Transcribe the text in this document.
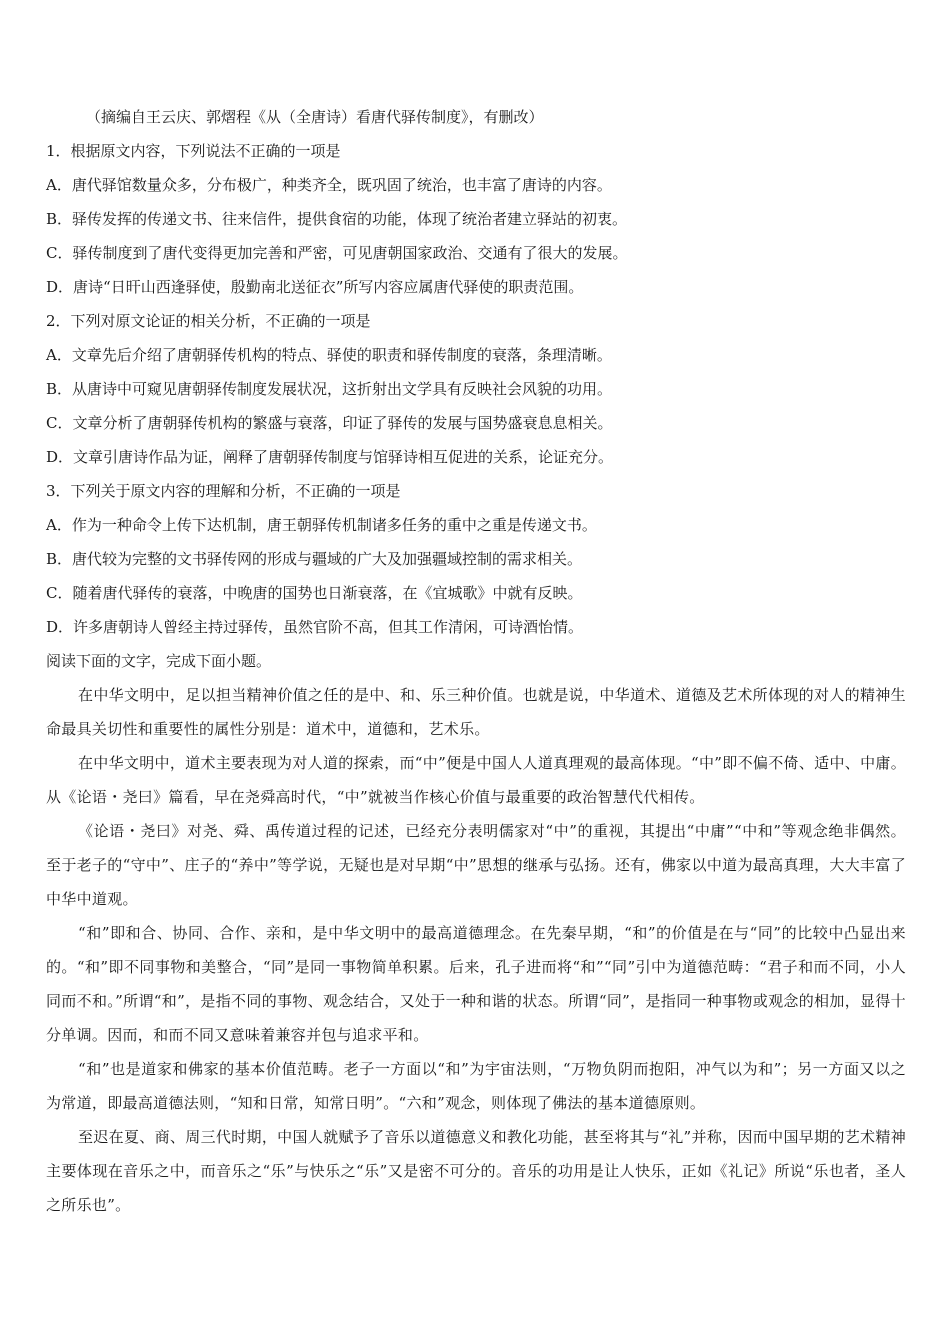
（摘编自王云庆、郭熠程《从（全唐诗）看唐代驿传制度》，有删改）
1．根据原文内容，下列说法不正确的一项是
A．唐代驿馆数量众多，分布极广，种类齐全，既巩固了统治，也丰富了唐诗的内容。
B．驿传发挥的传递文书、往来信件，提供食宿的功能，体现了统治者建立驿站的初衷。
C．驿传制度到了唐代变得更加完善和严密，可见唐朝国家政治、交通有了很大的发展。
D．唐诗“日旰山西逢驿使，殷勤南北送征衣”所写内容应属唐代驿使的职责范围。
2．下列对原文论证的相关分析，不正确的一项是
A．文章先后介绍了唐朝驿传机构的特点、驿使的职责和驿传制度的衰落，条理清晰。
B．从唐诗中可窥见唐朝驿传制度发展状况，这折射出文学具有反映社会风貌的功用。
C．文章分析了唐朝驿传机构的繁盛与衰落，印证了驿传的发展与国势盛衰息息相关。
D．文章引唐诗作品为证，阐释了唐朝驿传制度与馆驿诗相互促进的关系，论证充分。
3．下列关于原文内容的理解和分析，不正确的一项是
A．作为一种命令上传下达机制，唐王朝驿传机制诸多任务的重中之重是传递文书。
B．唐代较为完整的文书驿传网的形成与疆域的广大及加强疆域控制的需求相关。
C．随着唐代驿传的衰落，中晚唐的国势也日渐衰落，在《宜城歌》中就有反映。
D．许多唐朝诗人曾经主持过驿传，虽然官阶不高，但其工作清闲，可诗酒怡情。
阅读下面的文字，完成下面小题。
在中华文明中，足以担当精神价值之任的是中、和、乐三种价值。也就是说，中华道术、道德及艺术所体现的对人的精神生命最具关切性和重要性的属性分别是：道术中，道德和，艺术乐。
在中华文明中，道术主要表现为对人道的探索，而“中”便是中国人人道真理观的最高体现。“中”即不偏不倚、适中、中庸。从《论语・尧曰》篇看，早在尧舜高时代，“中”就被当作核心价值与最重要的政治智慧代代相传。
《论语・尧曰》对尧、舜、禹传道过程的记述，已经充分表明儒家对“中”的重视，其提出“中庸”“中和”等观念绝非偶然。至于老子的“守中”、庄子的“养中”等学说，无疑也是对早期“中”思想的继承与弘扬。还有，佛家以中道为最高真理，大大丰富了中华中道观。
“和”即和合、协同、合作、亲和，是中华文明中的最高道德理念。在先秦早期，“和”的价值是在与“同”的比较中凸显出来的。“和”即不同事物和美整合，“同”是同一事物简单积累。后来，孔子进而将“和”“同”引中为道德范畴：“君子和而不同，小人同而不和。”所谓“和”，是指不同的事物、观念结合，又处于一种和谐的状态。所谓“同”，是指同一种事物或观念的相加，显得十分单调。因而，和而不同又意味着兼容并包与追求平和。
“和”也是道家和佛家的基本价值范畴。老子一方面以“和”为宇宙法则，“万物负阴而抱阳，冲气以为和”；另一方面又以之为常道，即最高道德法则，“知和日常，知常日明”。“六和”观念，则体现了佛法的基本道德原则。
至迟在夏、商、周三代时期，中国人就赋予了音乐以道德意义和教化功能，甚至将其与“礼”并称，因而中国早期的艺术精神主要体现在音乐之中，而音乐之“乐”与快乐之“乐”又是密不可分的。音乐的功用是让人快乐，正如《礼记》所说“乐也者，圣人之所乐也”。
